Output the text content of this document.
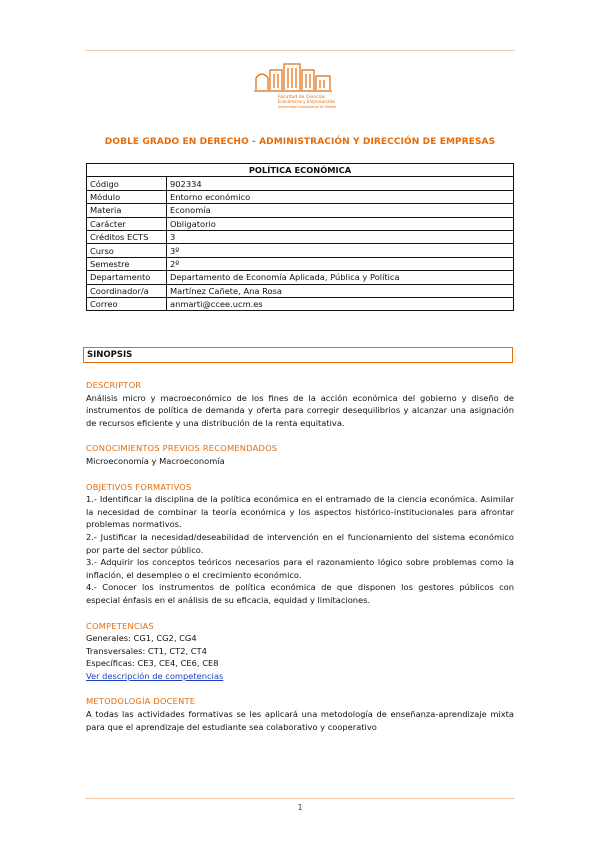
Facultad de Ciencias
Económicas y Empresariales
Universidad Complutense de Madrid
DOBLE GRADO EN DERECHO - ADMINISTRACIÓN Y DIRECCIÓN DE EMPRESAS
POLÍTICA ECONÓMICA	
Código	902334
Módulo	Entorno económico
Materia	Economía
Carácter	Obligatorio
Créditos ECTS	3
Curso	3º
Semestre	2º
Departamento	Departamento de Economía Aplicada, Pública y Política
Coordinador/a	Martínez Cañete, Ana Rosa
Correo	anmarti@ccee.ucm.es
SINOPSIS

DESCRIPTOR

Análisis micro y macroeconómico de los fines de la acción económica del gobierno y diseño de instrumentos de política de demanda y oferta para corregir desequilibrios y alcanzar una asignación de recursos eficiente y una distribución de la renta equitativa.

CONOCIMIENTOS PREVIOS RECOMENDADOS

Microeconomía y Macroeconomía

OBJETIVOS FORMATIVOS

1.- Identificar la disciplina de la política económica en el entramado de la ciencia económica. Asimilar la necesidad de combinar la teoría económica y los aspectos histórico-institucionales para afrontar problemas normativos.

2.- Justificar la necesidad/deseabilidad de intervención en el funcionamiento del sistema económico por parte del sector público.

3.- Adquirir los conceptos teóricos necesarios para el razonamiento lógico sobre problemas como la inflación, el desempleo o el crecimiento económico.

4.- Conocer los instrumentos de política económica de que disponen los gestores públicos con especial énfasis en el análisis de su eficacia, equidad y limitaciones.

COMPETENCIAS

Generales: CG1, CG2, CG4

Transversales: CT1, CT2, CT4

Específicas: CE3, CE4, CE6, CE8

Ver descripción de competencias

METODOLOGÍA DOCENTE

A todas las actividades formativas se les aplicará una metodología de enseñanza-aprendizaje mixta para que el aprendizaje del estudiante sea colaborativo y cooperativo

1
